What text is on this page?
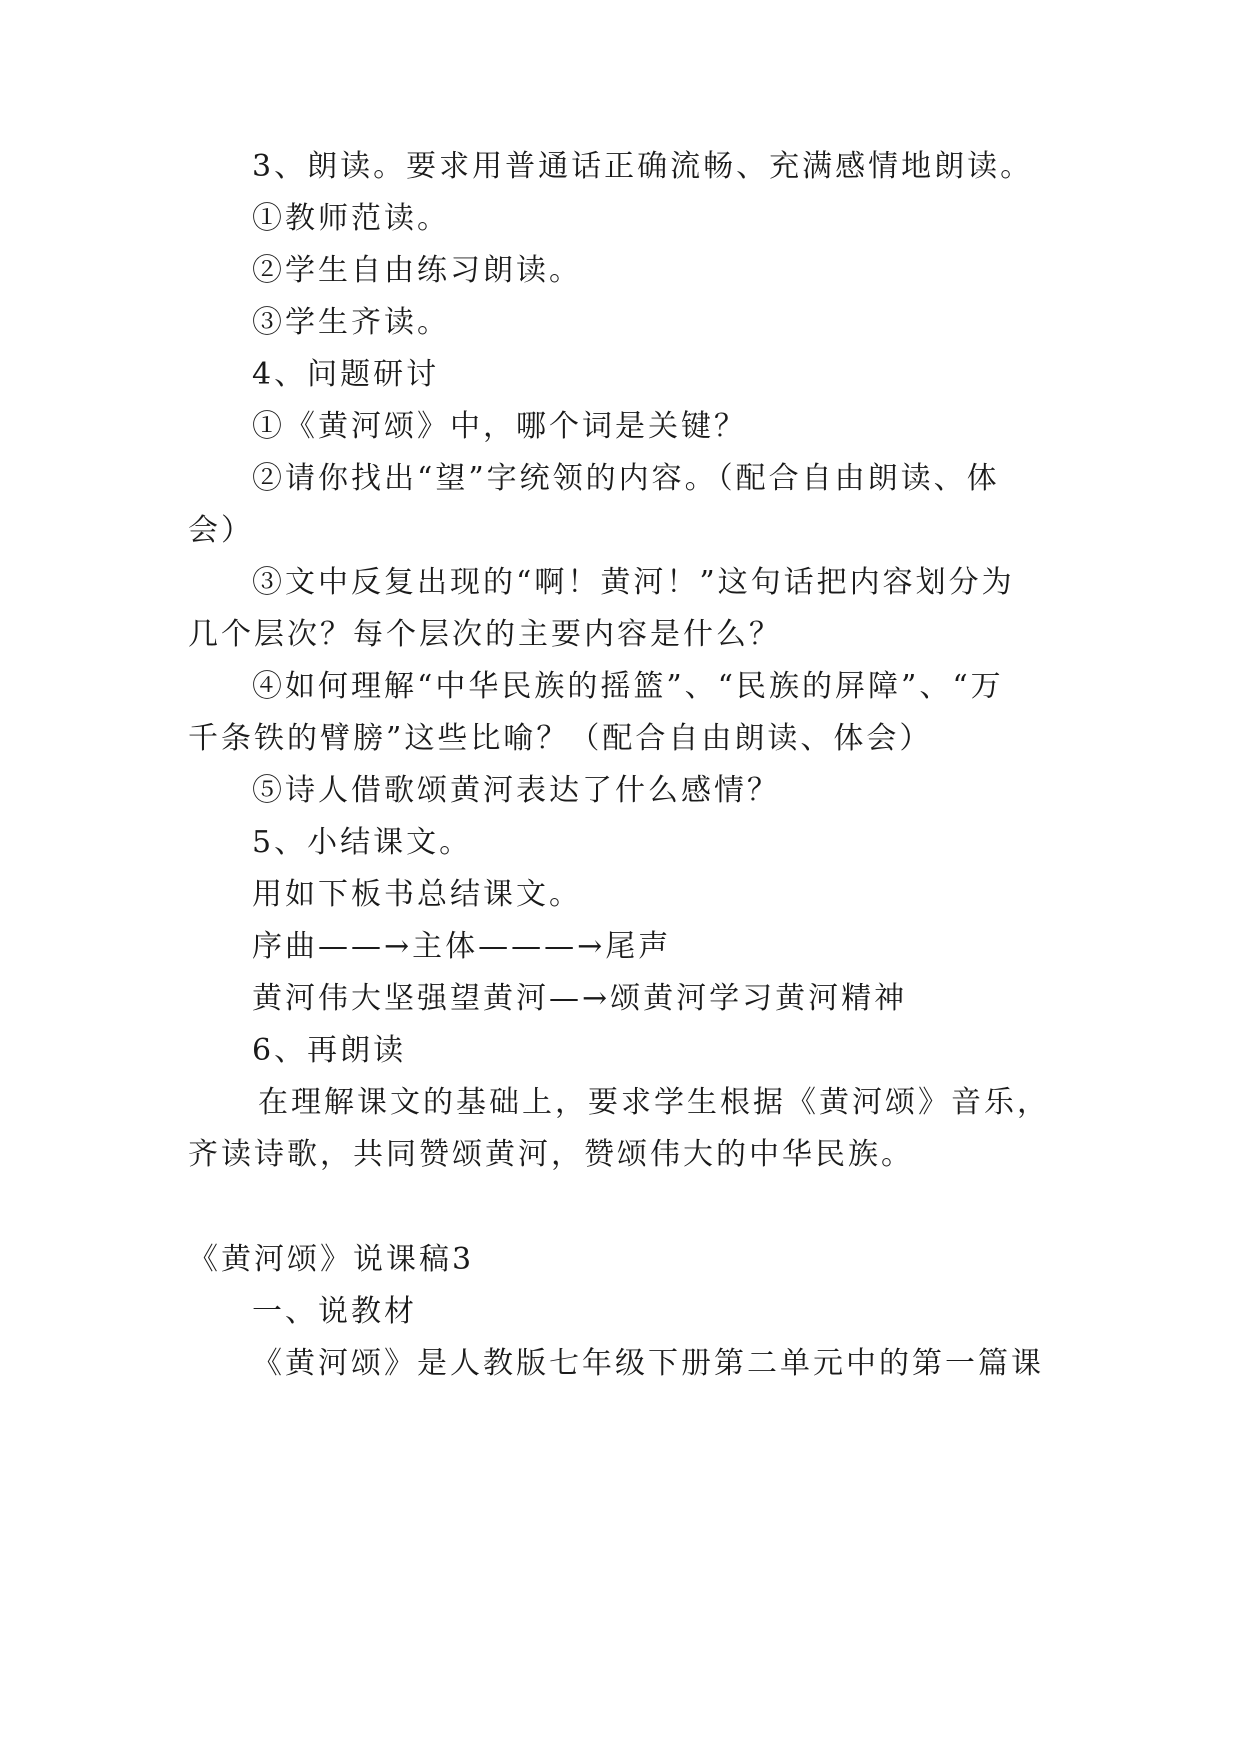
3、朗读。要求用普通话正确流畅、充满感情地朗读。
①教师范读。
②学生自由练习朗读。
③学生齐读。
4、问题研讨
①《黄河颂》中，哪个词是关键？
②请你找出“望”字统领的内容。（配合自由朗读、体
会）
③文中反复出现的“啊！黄河！”这句话把内容划分为
几个层次？每个层次的主要内容是什么？
④如何理解“中华民族的摇篮”、“民族的屏障”、“万
千条铁的臂膀”这些比喻？（配合自由朗读、体会）
⑤诗人借歌颂黄河表达了什么感情？
5、小结课文。
用如下板书总结课文。
序曲——→主体———→尾声
黄河伟大坚强望黄河—→颂黄河学习黄河精神
6、再朗读
在理解课文的基础上，要求学生根据《黄河颂》音乐，
齐读诗歌，共同赞颂黄河，赞颂伟大的中华民族。
《黄河颂》说课稿3
一、说教材
《黄河颂》是人教版七年级下册第二单元中的第一篇课
